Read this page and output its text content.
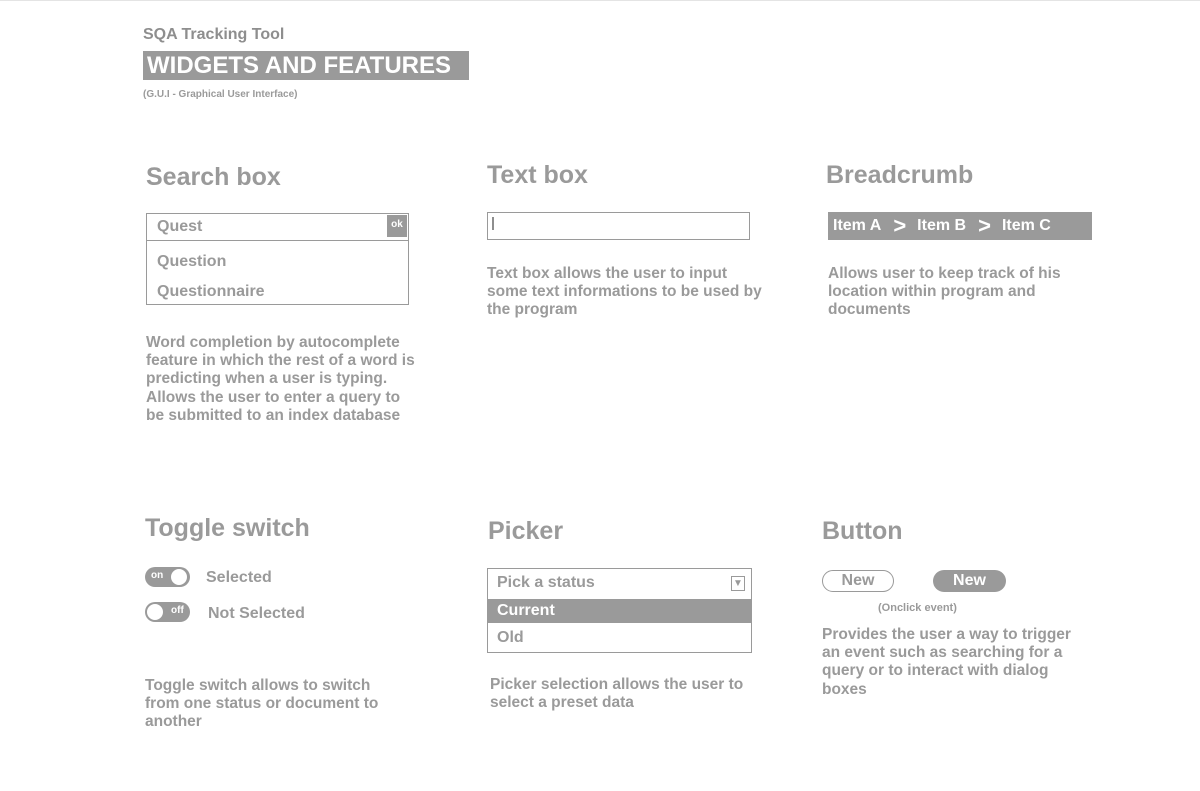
SQA Tracking Tool
WIDGETS AND FEATURES
(G.U.I - Graphical User Interface)
Search box
Quest	ok
Question
Questionnaire
Word completion by autocomplete feature in which the rest of a word is predicting when a user is typing. Allows the user to enter a query to be submitted to an index database
Text box
Text box allows the user to input some text informations to be used by the program
Breadcrumb
Item A > Item B > Item C
Allows user to keep track of his location within program and documents
Toggle switch
on	Selected
off Not Selected
Toggle switch allows to switch from one status or document to another
Picker
Pick a status	▼
Current
Old
Picker selection allows the user to select a preset data
Button
New	New
(Onclick event)
Provides the user a way to trigger an event such as searching for a query or to interact with dialog boxes
